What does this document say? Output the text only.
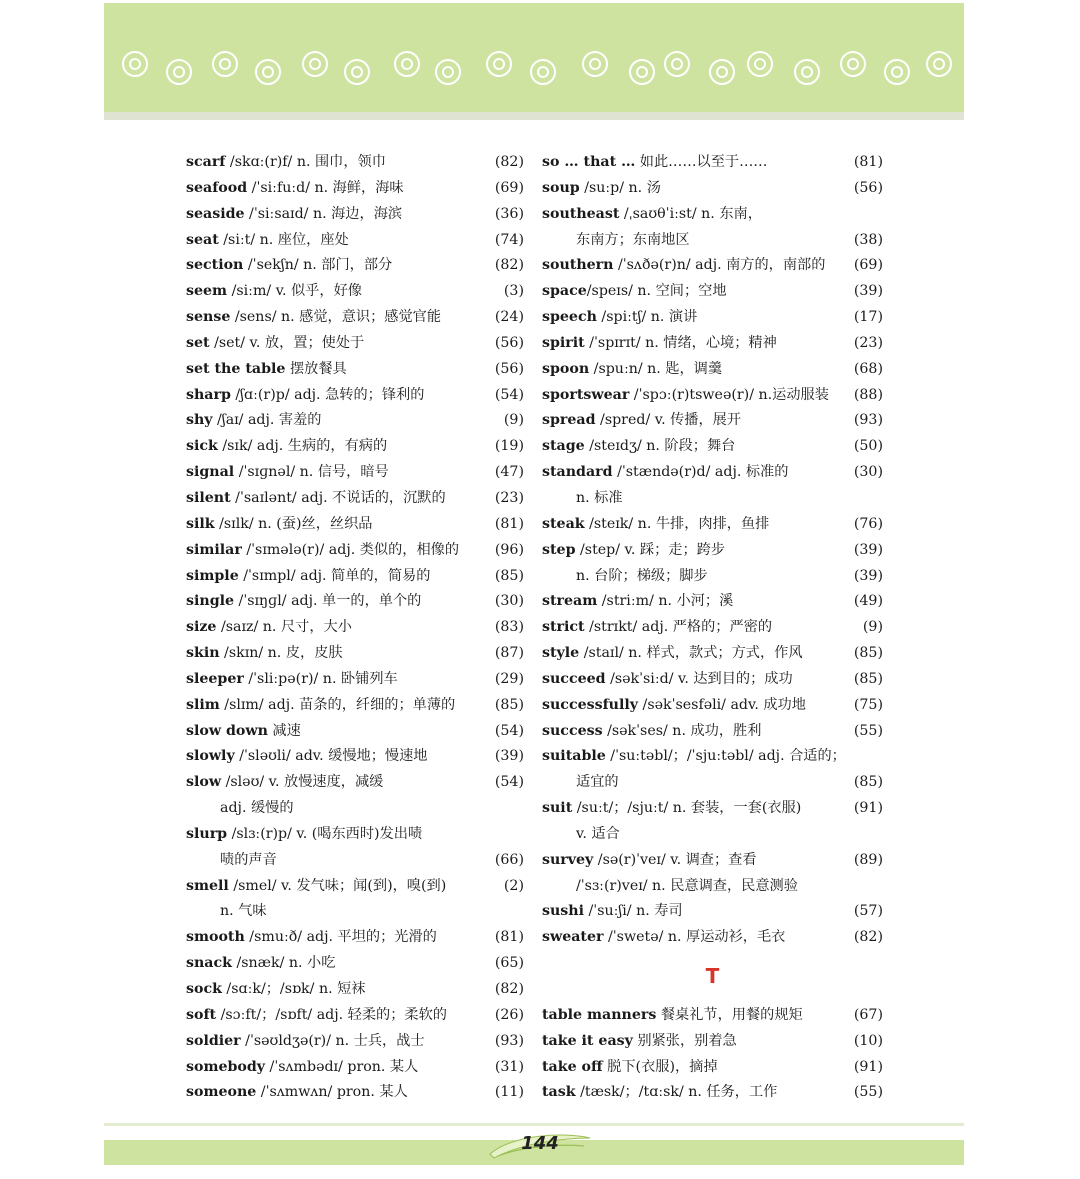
scarf /skɑː(r)f/ n. 围巾，领巾	(82)
seafood /ˈsiːfuːd/ n. 海鲜，海味	(69)
seaside /ˈsiːsaɪd/ n. 海边，海滨	(36)
seat /siːt/ n. 座位，座处	(74)
section /ˈsekʃn/ n. 部门，部分	(82)
seem /siːm/ v. 似乎，好像	(3)
sense /sens/ n. 感觉，意识；感觉官能	(24)
set /set/ v. 放，置；使处于	(56)
set the table 摆放餐具	(56)
sharp /ʃɑː(r)p/ adj. 急转的；锋利的	(54)
shy /ʃaɪ/ adj. 害羞的	(9)
sick /sɪk/ adj. 生病的，有病的	(19)
signal /ˈsɪɡnəl/ n. 信号，暗号	(47)
silent /ˈsaɪlənt/ adj. 不说话的，沉默的	(23)
silk /sɪlk/ n. (蚕)丝，丝织品	(81)
similar /ˈsɪmələ(r)/ adj. 类似的，相像的	(96)
simple /ˈsɪmpl/ adj. 简单的，简易的	(85)
single /ˈsɪŋɡl/ adj. 单一的，单个的	(30)
size /saɪz/ n. 尺寸，大小	(83)
skin /skɪn/ n. 皮，皮肤	(87)
sleeper /ˈsliːpə(r)/ n. 卧铺列车	(29)
slim /slɪm/ adj. 苗条的，纤细的；单薄的	(85)
slow down 减速	(54)
slowly /ˈsləʊli/ adv. 缓慢地；慢速地	(39)
slow /sləʊ/ v. 放慢速度，减缓	(54)
adj. 缓慢的
slurp /slɜː(r)p/ v. (喝东西时)发出啧
啧的声音	(66)
smell /smel/ v. 发气味；闻(到)，嗅(到)	(2)
n. 气味
smooth /smuːð/ adj. 平坦的；光滑的	(81)
snack /snæk/ n. 小吃	(65)
sock /sɑːk/；/sɒk/ n. 短袜	(82)
soft /sɔːft/；/sɒft/ adj. 轻柔的；柔软的	(26)
soldier /ˈsəʊldʒə(r)/ n. 士兵，战士	(93)
somebody /ˈsʌmbədɪ/ pron. 某人	(31)
someone /ˈsʌmwʌn/ pron. 某人	(11)
so … that … 如此……以至于……	(81)
soup /suːp/ n. 汤	(56)
southeast /ˌsaʊθˈiːst/ n. 东南，
东南方；东南地区	(38)
southern /ˈsʌðə(r)n/ adj. 南方的，南部的 (69)
space/speɪs/ n. 空间；空地	(39)
speech /spiːtʃ/ n. 演讲	(17)
spirit /ˈspɪrɪt/ n. 情绪，心境；精神	(23)
spoon /spuːn/ n. 匙，调羹	(68)
sportswear /ˈspɔː(r)tsweə(r)/ n.运动服装 (88)
spread /spred/ v. 传播，展开	(93)
stage /steɪdʒ/ n. 阶段；舞台	(50)
standard /ˈstændə(r)d/ adj. 标准的	(30)
n. 标准
steak /steɪk/ n. 牛排，肉排，鱼排	(76)
step /step/ v. 踩；走；跨步	(39)
n. 台阶；梯级；脚步	(39)
stream /striːm/ n. 小河；溪	(49)
strict /strɪkt/ adj. 严格的；严密的	(9)
style /staɪl/ n. 样式，款式；方式，作风	(85)
succeed /səkˈsiːd/ v. 达到目的；成功	(85)
successfully /səkˈsesfəli/ adv. 成功地	(75)
success /səkˈses/ n. 成功，胜利	(55)
suitable /ˈsuːtəbl/；/ˈsjuːtəbl/ adj. 合适的；
适宜的	(85)
suit /suːt/；/sjuːt/ n. 套装，一套(衣服)	(91)
v. 适合
survey /sə(r)ˈveɪ/ v. 调查；查看	(89)
/ˈsɜː(r)veɪ/ n. 民意调查，民意测验
sushi /ˈsuːʃi/ n. 寿司	(57)
sweater /ˈswetə/ n. 厚运动衫，毛衣	(82)
T
table manners 餐桌礼节，用餐的规矩	(67)
take it easy 别紧张，别着急	(10)
take off 脱下(衣服)，摘掉	(91)
task /tæsk/；/tɑːsk/ n. 任务，工作	(55)
144
